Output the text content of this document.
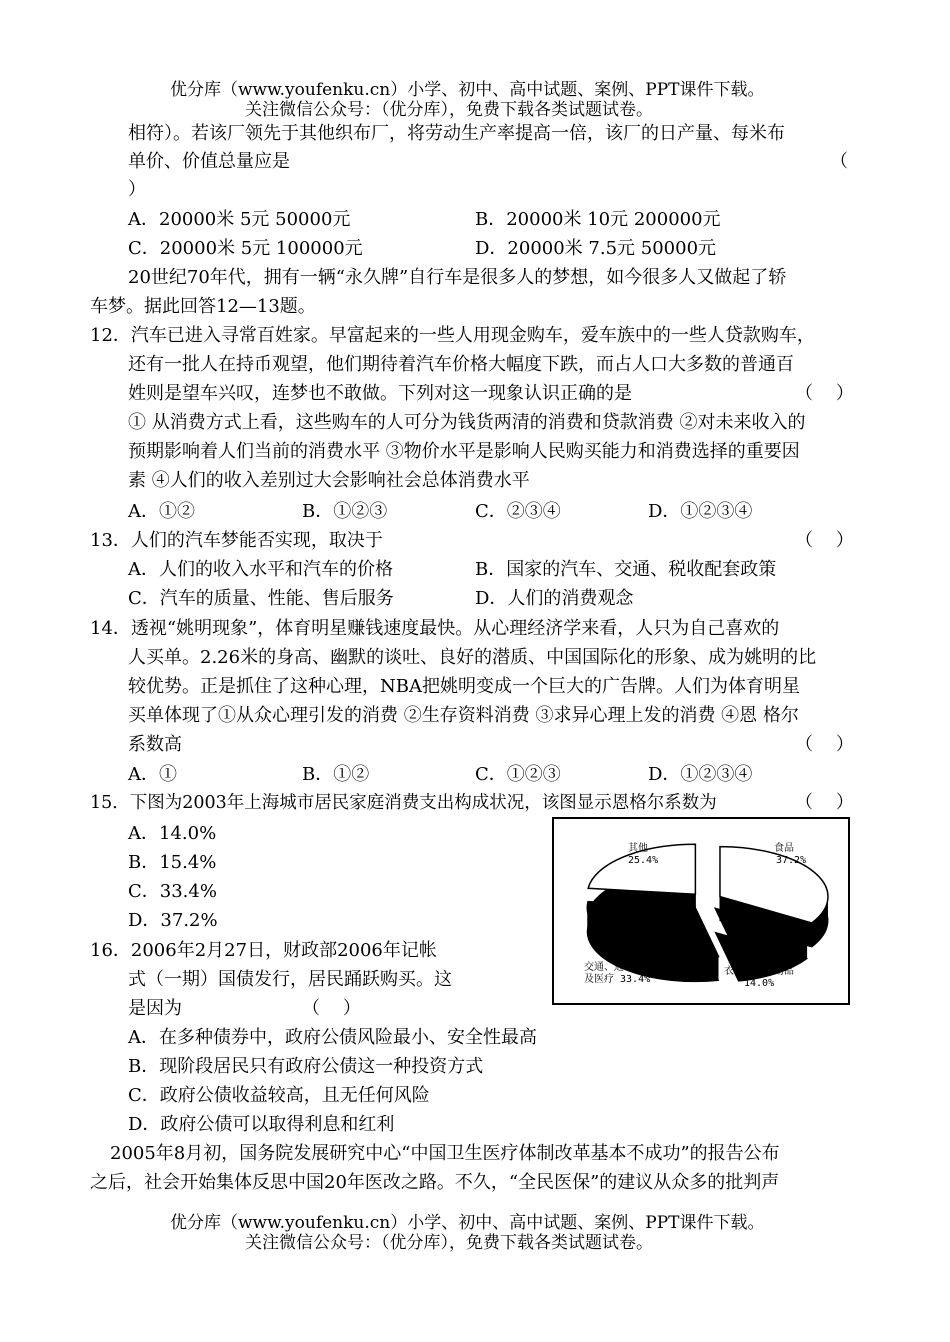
优分库（www.youfenku.cn）小学、初中、高中试题、案例、PPT课件下载。
关注微信公众号：（优分库），免费下载各类试题试卷。
相符）。若该厂领先于其他织布厂，将劳动生产率提高一倍，该厂的日产量、每米布
单价、价值总量应是	（
）
A．20000米 5元 50000元	B．20000米 10元 200000元
C．20000米 5元 100000元	D．20000米 7.5元 50000元
20世纪70年代，拥有一辆“永久牌”自行车是很多人的梦想，如今很多人又做起了轿
车梦。据此回答12—13题。
12．汽车已进入寻常百姓家。早富起来的一些人用现金购车，爱车族中的一些人贷款购车，
还有一批人在持币观望，他们期待着汽车价格大幅度下跌，而占人口大多数的普通百
姓则是望车兴叹，连梦也不敢做。下列对这一现象认识正确的是	（    ）
① 从消费方式上看，这些购车的人可分为钱货两清的消费和贷款消费 ②对未来收入的
预期影响着人们当前的消费水平 ③物价水平是影响人民购买能力和消费选择的重要因
素 ④人们的收入差别过大会影响社会总体消费水平
A．①②	B．①②③	C．②③④	D．①②③④
13．人们的汽车梦能否实现，取决于	（    ）
A．人们的收入水平和汽车的价格	B．国家的汽车、交通、税收配套政策
C．汽车的质量、性能、售后服务	D．人们的消费观念
14．透视“姚明现象”，体育明星赚钱速度最快。从心理经济学来看，人只为自己喜欢的
人买单。2.26米的身高、幽默的谈吐、良好的潜质、中国国际化的形象、成为姚明的比
较优势。正是抓住了这种心理，NBA把姚明变成一个巨大的广告牌。人们为体育明星
买单体现了①从众心理引发的消费 ②生存资料消费 ③求异心理上发的消费 ④恩 格尔
系数高	（    ）
A．①	B．①②	C．①②③	D．①②③④
15．下图为2003年上海城市居民家庭消费支出构成状况，该图显示恩格尔系数为	（    ）
A．14.0%
B．15.4%
C．33.4%
D．37.2%
其他
25.4%
食品
37.2%
交通、通讯、教育
及医疗 33.4%
衣着及家庭用品
14.0%
16．2006年2月27日，财政部2006年记帐
式（一期）国债发行，居民踊跃购买。这
是因为	（    ）
A．在多种债券中，政府公债风险最小、安全性最高
B．现阶段居民只有政府公债这一种投资方式
C．政府公债收益较高，且无任何风险
D．政府公债可以取得利息和红利
2005年8月初，国务院发展研究中心“中国卫生医疗体制改革基本不成功”的报告公布
之后，社会开始集体反思中国20年医改之路。不久，“全民医保”的建议从众多的批判声
优分库（www.youfenku.cn）小学、初中、高中试题、案例、PPT课件下载。
关注微信公众号：（优分库），免费下载各类试题试卷。
